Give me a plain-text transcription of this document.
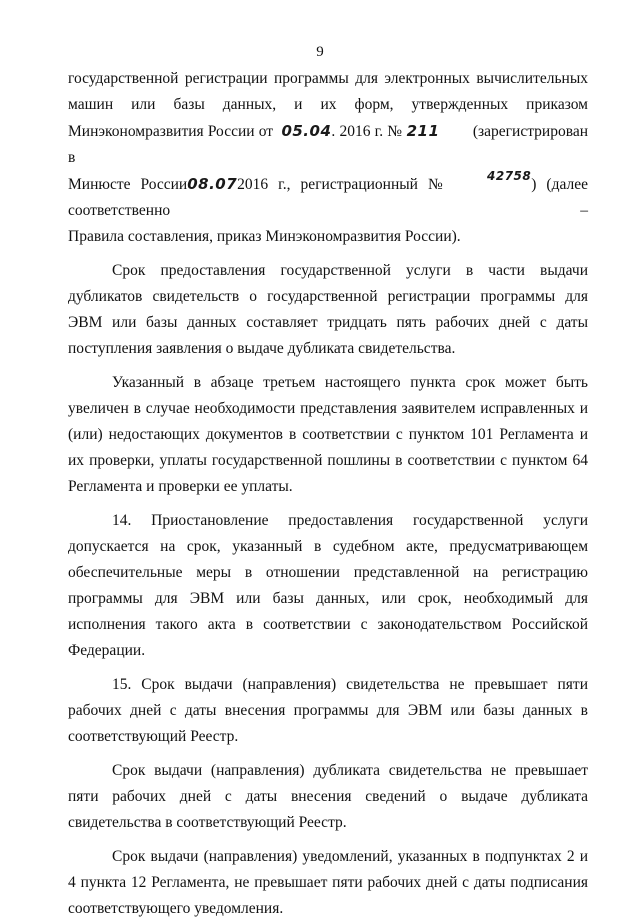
9

государственной регистрации программы для электронных вычислительных
машин или базы данных, и их форм, утвержденных приказом
Минэкономразвития России от 05.04. 2016 г. № 211 (зарегистрирован в
Минюсте России08.072016 г., регистрационный №	$^{42758}$) (далее соответственно –
Правила составления, приказ Минэкономразвития России).

Срок предоставления государственной услуги в части выдачи дубликатов свидетельств о государственной регистрации программы для ЭВМ или базы данных составляет тридцать пять рабочих дней с даты поступления заявления о выдаче дубликата свидетельства.

Указанный в абзаце третьем настоящего пункта срок может быть увеличен в случае необходимости представления заявителем исправленных и (или) недостающих документов в соответствии с пунктом 101 Регламента и их проверки, уплаты государственной пошлины в соответствии с пунктом 64 Регламента и проверки ее уплаты.

14. Приостановление предоставления государственной услуги допускается на срок, указанный в судебном акте, предусматривающем обеспечительные меры в отношении представленной на регистрацию программы для ЭВМ или базы данных, или срок, необходимый для исполнения такого акта в соответствии с законодательством Российской Федерации.

15. Срок выдачи (направления) свидетельства не превышает пяти рабочих дней с даты внесения программы для ЭВМ или базы данных в соответствующий Реестр.

Срок выдачи (направления) дубликата свидетельства не превышает пяти рабочих дней с даты внесения сведений о выдаче дубликата свидетельства в соответствующий Реестр.

Срок выдачи (направления) уведомлений, указанных в подпунктах 2 и 4 пункта 12 Регламента, не превышает пяти рабочих дней с даты подписания соответствующего уведомления.
